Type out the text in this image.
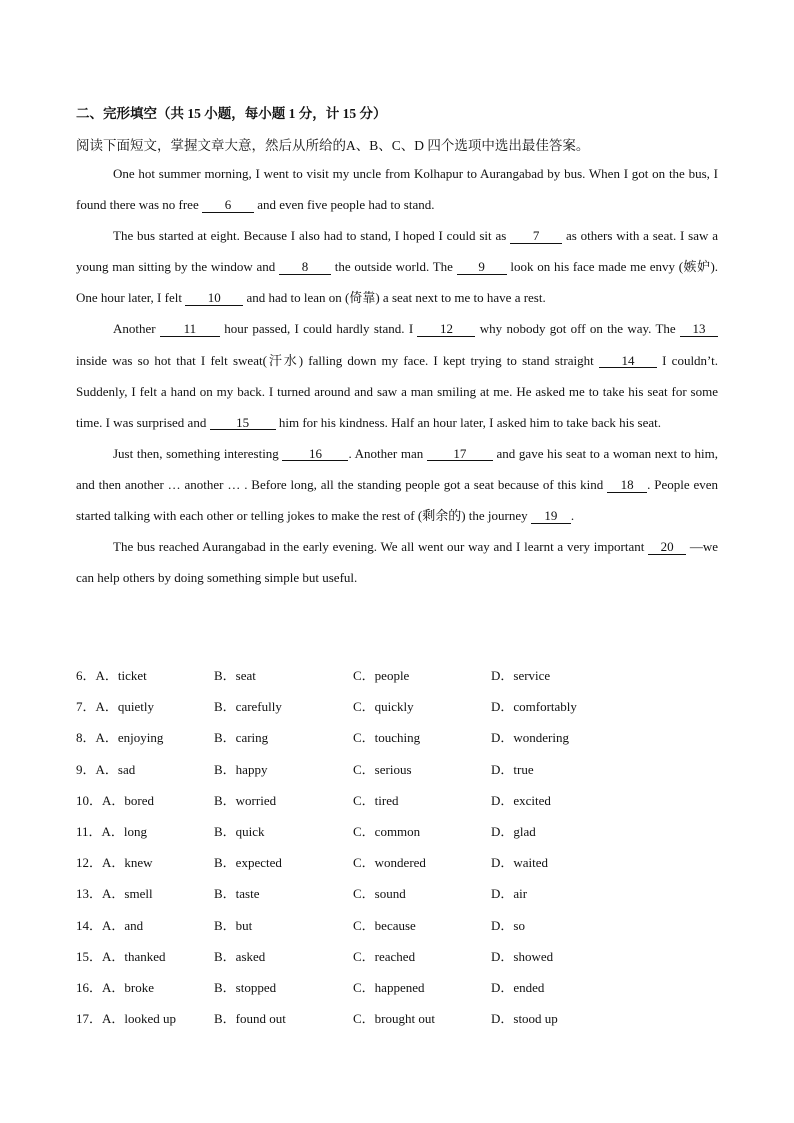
二、完形填空（共 15 小题，每小题 1 分，计 15 分）
阅读下面短文，掌握文章大意，然后从所给的A、B、C、D 四个选项中选出最佳答案。

One hot summer morning, I went to visit my uncle from Kolhapur to Aurangabad by bus. When I got on the bus, I found there was no free 6 and even five people had to stand.

The bus started at eight. Because I also had to stand, I hoped I could sit as 7 as others with a seat. I saw a young man sitting by the window and 8 the outside world. The 9 look on his face made me envy (嫉妒). One hour later, I felt 10 and had to lean on (倚靠) a seat next to me to have a rest.

Another 11 hour passed, I could hardly stand. I 12 why nobody got off on the way. The 13 inside was so hot that I felt sweat(汗水) falling down my face. I kept trying to stand straight 14 I couldn’t. Suddenly, I felt a hand on my back. I turned around and saw a man smiling at me. He asked me to take his seat for some time. I was surprised and 15 him for his kindness. Half an hour later, I asked him to take back his seat.

Just then, something interesting 16 . Another man 17 and gave his seat to a woman next to him, and then another … another … . Before long, all the standing people got a seat because of this kind 18 . People even started talking with each other or telling jokes to make the rest of (剩余的) the journey 19 .

The bus reached Aurangabad in the early evening. We all went our way and I learnt a very important 20 —we can help others by doing something simple but useful.

6．A．ticket	B．seat	C．people	D．service
7．A．quietly	B．carefully	C．quickly	D．comfortably
8．A．enjoying	B．caring	C．touching	D．wondering
9．A．sad	B．happy	C．serious	D．true
10．A．bored	B．worried	C．tired	D．excited
11．A．long	B．quick	C．common	D．glad
12．A．knew	B．expected	C．wondered	D．waited
13．A．smell	B．taste	C．sound	D．air
14．A．and	B．but	C．because	D．so
15．A．thanked	B．asked	C．reached	D．showed
16．A．broke	B．stopped	C．happened	D．ended
17．A．looked up	B．found out	C．brought out	D．stood up
